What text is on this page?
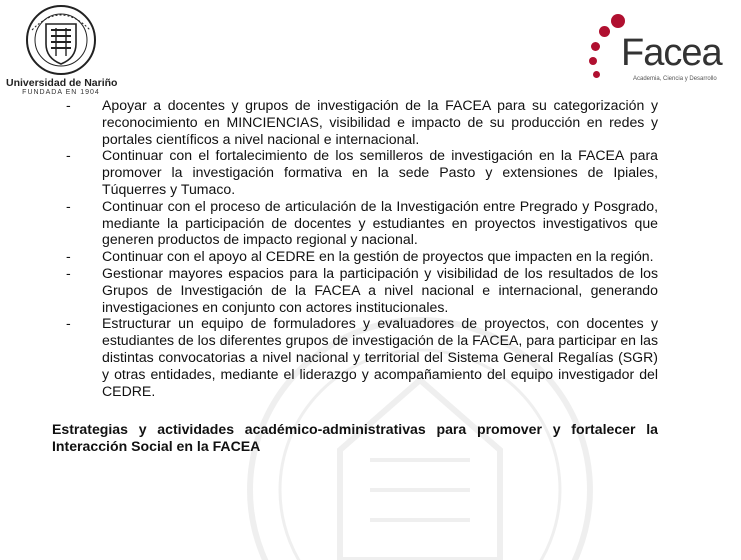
Universidad de Nariño
FUNDADA EN 1904
Facea
Academia, Ciencia y Desarrollo
- Apoyar a docentes y grupos de investigación de la FACEA para su categorización y reconocimiento en MINCIENCIAS, visibilidad e impacto de su producción en redes y portales científicos a nivel nacional e internacional.
- Continuar con el fortalecimiento de los semilleros de investigación en la FACEA para promover la investigación formativa en la sede Pasto y extensiones de Ipiales, Túquerres y Tumaco.
- Continuar con el proceso de articulación de la Investigación entre Pregrado y Posgrado, mediante la participación de docentes y estudiantes en proyectos investigativos que generen productos de impacto regional y nacional.
- Continuar con el apoyo al CEDRE en la gestión de proyectos que impacten en la región.
- Gestionar mayores espacios para la participación y visibilidad de los resultados de los Grupos de Investigación de la FACEA a nivel nacional e internacional, generando investigaciones en conjunto con actores institucionales.
- Estructurar un equipo de formuladores y evaluadores de proyectos, con docentes y estudiantes de los diferentes grupos de investigación de la FACEA, para participar en las distintas convocatorias a nivel nacional y territorial del Sistema General Regalías (SGR) y otras entidades, mediante el liderazgo y acompañamiento del equipo investigador del CEDRE.
Estrategias y actividades académico-administrativas para promover y fortalecer la Interacción Social en la FACEA
